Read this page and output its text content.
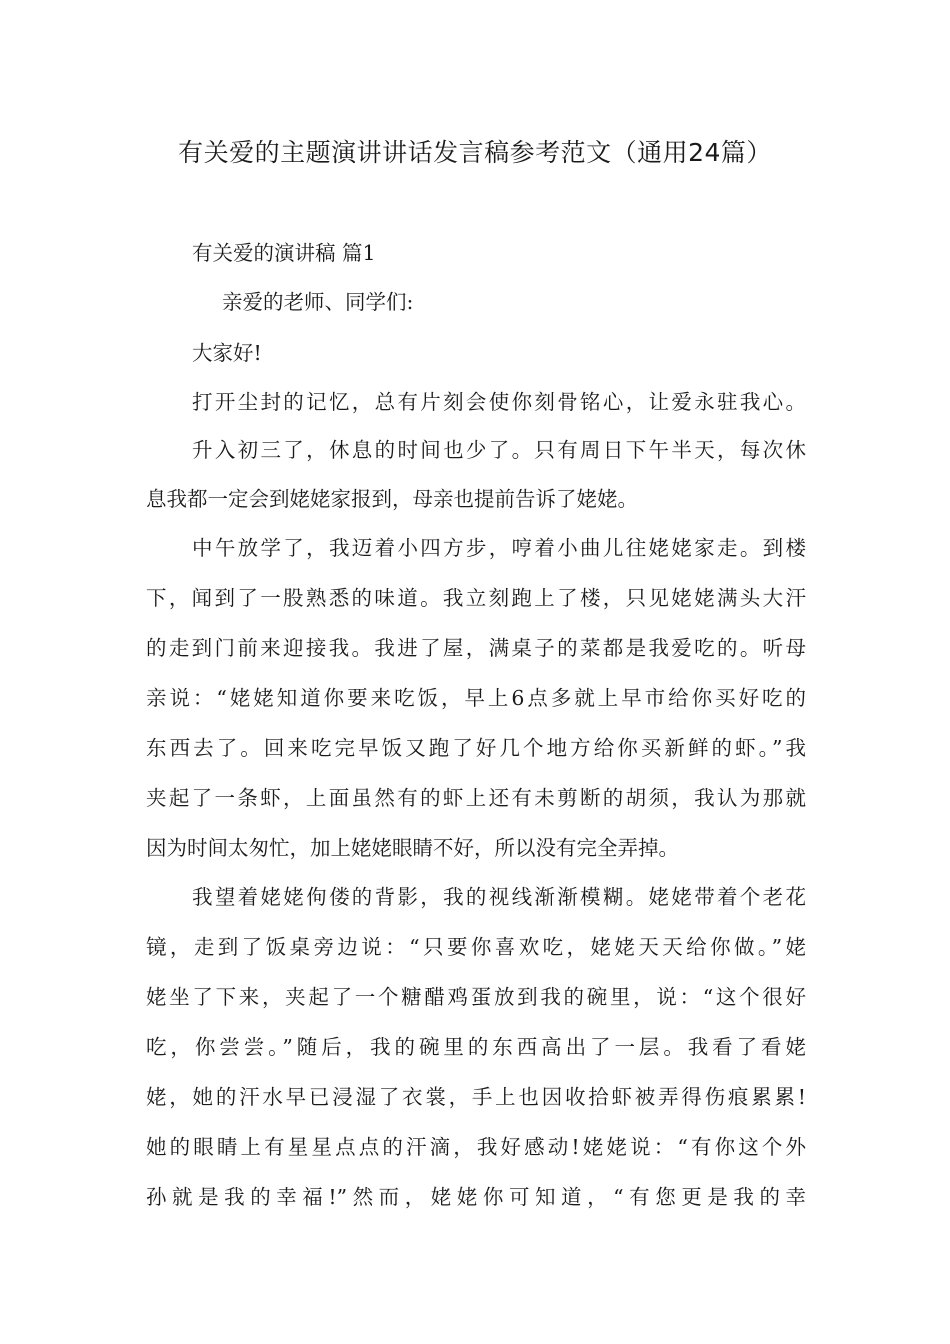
有关爱的主题演讲讲话发言稿参考范文（通用24篇）
有关爱的演讲稿 篇1
亲爱的老师、同学们:
大家好!
打开尘封的记忆，总有片刻会使你刻骨铭心，让爱永驻我心。
升入初三了，休息的时间也少了。只有周日下午半天，每次休
息我都一定会到姥姥家报到，母亲也提前告诉了姥姥。
中午放学了，我迈着小四方步，哼着小曲儿往姥姥家走。到楼
下，闻到了一股熟悉的味道。我立刻跑上了楼，只见姥姥满头大汗
的走到门前来迎接我。我进了屋，满桌子的菜都是我爱吃的。听母
亲说：“姥姥知道你要来吃饭，早上6点多就上早市给你买好吃的
东西去了。回来吃完早饭又跑了好几个地方给你买新鲜的虾。”我
夹起了一条虾，上面虽然有的虾上还有未剪断的胡须，我认为那就
因为时间太匆忙，加上姥姥眼睛不好，所以没有完全弄掉。
我望着姥姥佝偻的背影，我的视线渐渐模糊。姥姥带着个老花
镜，走到了饭桌旁边说：“只要你喜欢吃，姥姥天天给你做。”姥
姥坐了下来，夹起了一个糖醋鸡蛋放到我的碗里，说：“这个很好
吃，你尝尝。”随后，我的碗里的东西高出了一层。我看了看姥
姥，她的汗水早已浸湿了衣裳，手上也因收拾虾被弄得伤痕累累!
她的眼睛上有星星点点的汗滴，我好感动!姥姥说：“有你这个外
孙就是我的幸福!”然而，姥姥你可知道，“有您更是我的幸
